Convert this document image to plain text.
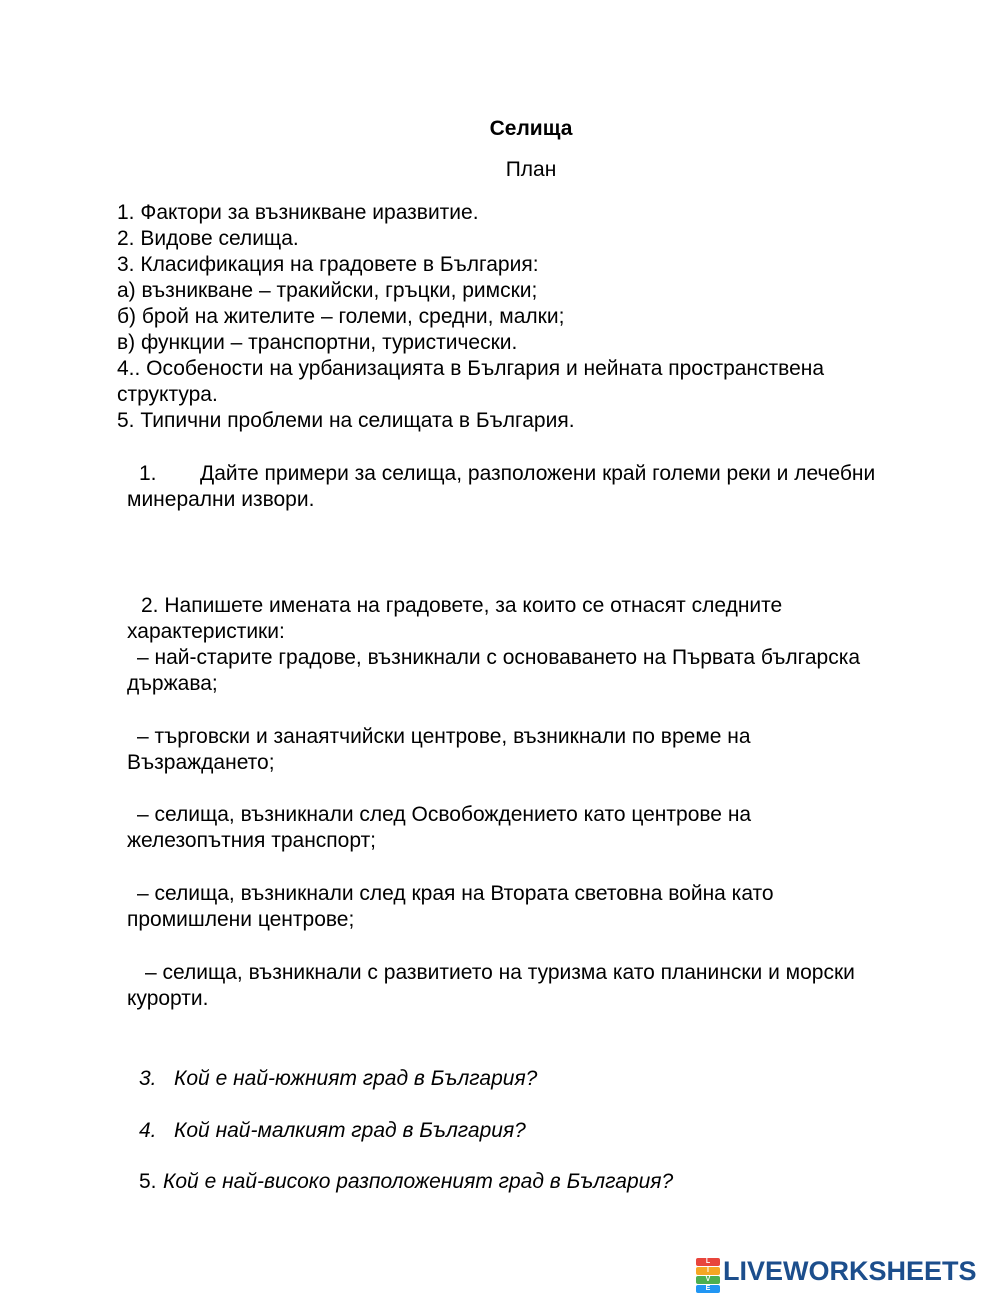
Селища
План
1. Фактори за възникване иразвитие.
2. Видове селища.
3. Класификация на градовете в България:
а) възникване – тракийски, гръцки, римски;
б) брой на жителите – големи, средни, малки;
в) функции – транспортни, туристически.
4.. Особености на урбанизацията в България и нейната пространствена
структура.
5. Типични проблеми на селищата в България.
1. Дайте примери за селища, разположени край големи реки и лечебни
минерални извори.
2. Напишете имената на градовете, за които се отнасят следните
характеристики:
– най-старите градове, възникнали с основаването на Първата българска
държава;
– търговски и занаятчийски центрове, възникнали по време на
Възраждането;
– селища, възникнали след Освобождението като центрове на
железопътния транспорт;
– селища, възникнали след края на Втората световна война като
промишлени центрове;
– селища, възникнали с развитието на туризма като планински и морски
курорти.
3. Кой е най-южният град в България?
4. Кой най-малкият град в България?
5. Кой е най-високо разположеният град в България?
L
I
V
E
LIVEWORKSHEETS
